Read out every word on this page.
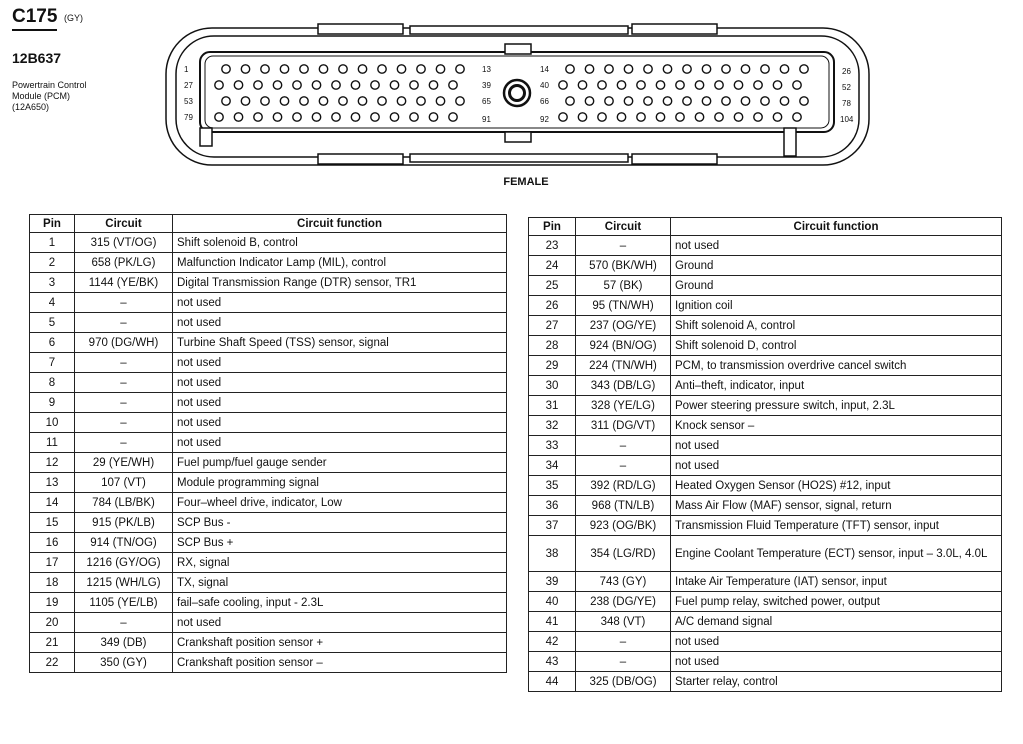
C175 (GY)
12B637
Powertrain Control
Module (PCM)
(12A650)
1
27
53
79
13
39
65
91
14
40
66
92
26
52
78
104
FEMALE
Pin	Circuit	Circuit function
1	315 (VT/OG)	Shift solenoid B, control
2	658 (PK/LG)	Malfunction Indicator Lamp (MIL), control
3	1144 (YE/BK)	Digital Transmission Range (DTR) sensor, TR1
4	–	not used
5	–	not used
6	970 (DG/WH)	Turbine Shaft Speed (TSS) sensor, signal
7	–	not used
8	–	not used
9	–	not used
10	–	not used
11	–	not used
12	29 (YE/WH)	Fuel pump/fuel gauge sender
13	107 (VT)	Module programming signal
14	784 (LB/BK)	Four–wheel drive, indicator, Low
15	915 (PK/LB)	SCP Bus -
16	914 (TN/OG)	SCP Bus +
17	1216 (GY/OG)	RX, signal
18	1215 (WH/LG)	TX, signal
19	1105 (YE/LB)	fail–safe cooling, input - 2.3L
20	–	not used
21	349 (DB)	Crankshaft position sensor +
22	350 (GY)	Crankshaft position sensor –
Pin	Circuit	Circuit function
23	–	not used
24	570 (BK/WH)	Ground
25	57 (BK)	Ground
26	95 (TN/WH)	Ignition coil
27	237 (OG/YE)	Shift solenoid A, control
28	924 (BN/OG)	Shift solenoid D, control
29	224 (TN/WH)	PCM, to transmission overdrive cancel switch
30	343 (DB/LG)	Anti–theft, indicator, input
31	328 (YE/LG)	Power steering pressure switch, input, 2.3L
32	311 (DG/VT)	Knock sensor –
33	–	not used
34	–	not used
35	392 (RD/LG)	Heated Oxygen Sensor (HO2S) #12, input
36	968 (TN/LB)	Mass Air Flow (MAF) sensor, signal, return
37	923 (OG/BK)	Transmission Fluid Temperature (TFT) sensor, input
38	354 (LG/RD)	Engine Coolant Temperature (ECT) sensor, input – 3.0L, 4.0L
39	743 (GY)	Intake Air Temperature (IAT) sensor, input
40	238 (DG/YE)	Fuel pump relay, switched power, output
41	348 (VT)	A/C demand signal
42	–	not used
43	–	not used
44	325 (DB/OG)	Starter relay, control
